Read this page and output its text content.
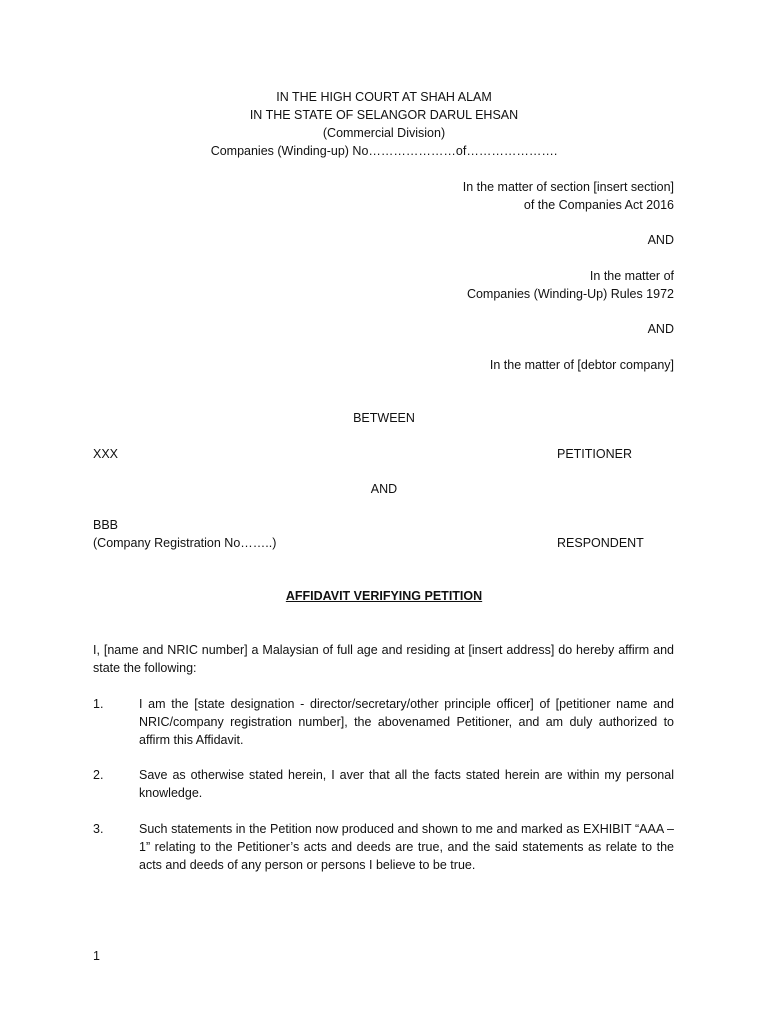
IN THE HIGH COURT AT SHAH ALAM
IN THE STATE OF SELANGOR DARUL EHSAN
(Commercial Division)
Companies (Winding-up) No…………………of………………….
In the matter of section [insert section]
of the Companies Act 2016
AND
In the matter of
Companies (Winding-Up) Rules 1972
AND
In the matter of [debtor company]
BETWEEN
XXX	PETITIONER
AND
BBB
(Company Registration No……..)	RESPONDENT
AFFIDAVIT VERIFYING PETITION
I, [name and NRIC number] a Malaysian of full age and residing at [insert address] do hereby affirm and state the following:
1.	I am the [state designation - director/secretary/other principle officer] of [petitioner name and NRIC/company registration number], the abovenamed Petitioner, and am duly authorized to affirm this Affidavit.
2.	Save as otherwise stated herein, I aver that all the facts stated herein are within my personal knowledge.
3.	Such statements in the Petition now produced and shown to me and marked as EXHIBIT “AAA – 1” relating to the Petitioner’s acts and deeds are true, and the said statements as relate to the acts and deeds of any person or persons I believe to be true.
1
